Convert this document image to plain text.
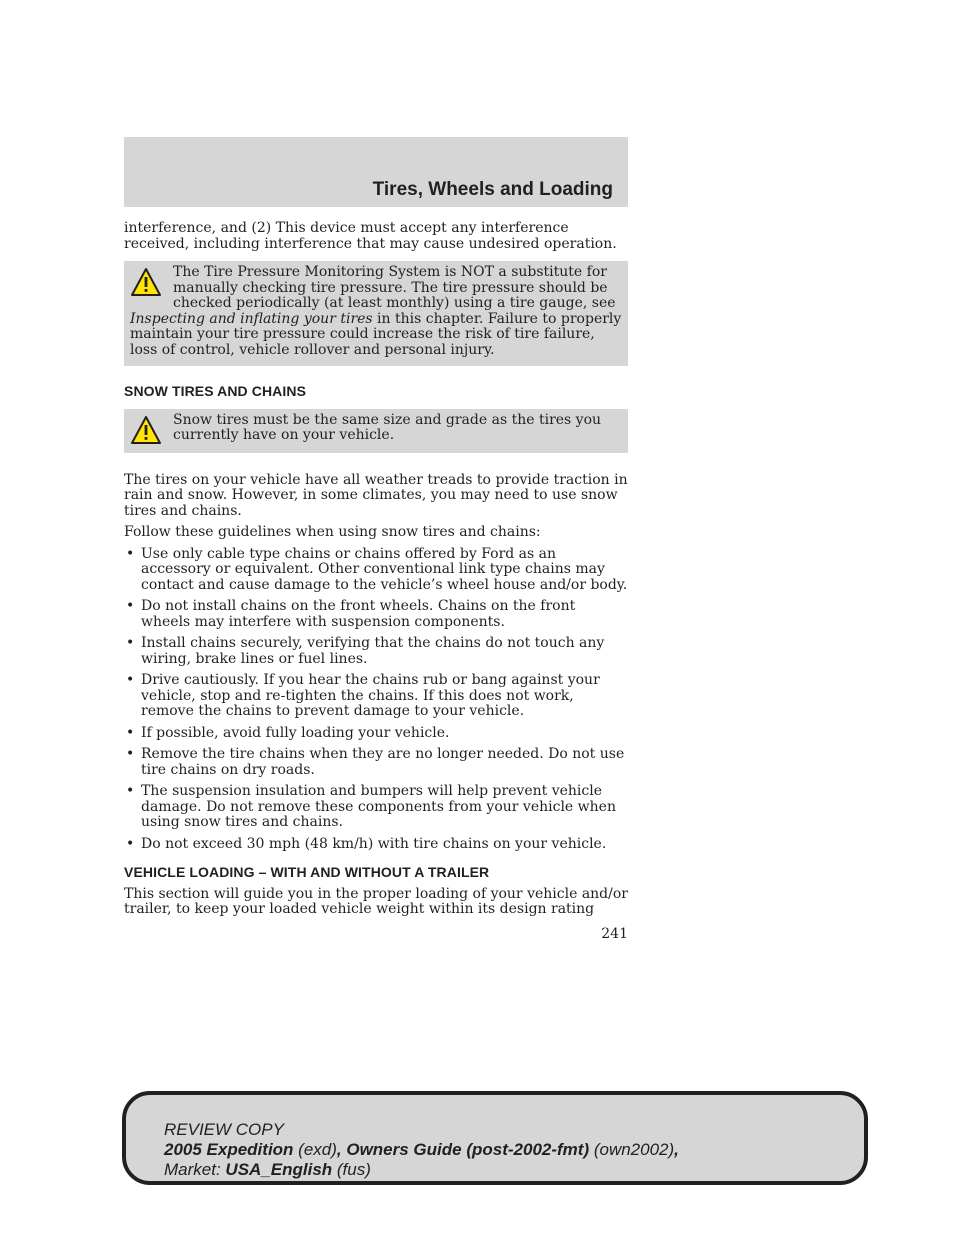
Tires, Wheels and Loading

interference, and (2) This device must accept any interference received, including interference that may cause undesired operation.

The Tire Pressure Monitoring System is NOT a substitute for manually checking tire pressure. The tire pressure should be checked periodically (at least monthly) using a tire gauge, see Inspecting and inflating your tires in this chapter. Failure to properly maintain your tire pressure could increase the risk of tire failure, loss of control, vehicle rollover and personal injury.

SNOW TIRES AND CHAINS

Snow tires must be the same size and grade as the tires you currently have on your vehicle.

The tires on your vehicle have all weather treads to provide traction in rain and snow. However, in some climates, you may need to use snow tires and chains.

Follow these guidelines when using snow tires and chains:

• Use only cable type chains or chains offered by Ford as an accessory or equivalent. Other conventional link type chains may contact and cause damage to the vehicle’s wheel house and/or body.
• Do not install chains on the front wheels. Chains on the front wheels may interfere with suspension components.
• Install chains securely, verifying that the chains do not touch any wiring, brake lines or fuel lines.
• Drive cautiously. If you hear the chains rub or bang against your vehicle, stop and re-tighten the chains. If this does not work, remove the chains to prevent damage to your vehicle.
• If possible, avoid fully loading your vehicle.
• Remove the tire chains when they are no longer needed. Do not use tire chains on dry roads.
• The suspension insulation and bumpers will help prevent vehicle damage. Do not remove these components from your vehicle when using snow tires and chains.
• Do not exceed 30 mph (48 km/h) with tire chains on your vehicle.
VEHICLE LOADING – WITH AND WITHOUT A TRAILER

This section will guide you in the proper loading of your vehicle and/or trailer, to keep your loaded vehicle weight within its design rating

241
REVIEW COPY
2005 Expedition (exd), Owners Guide (post-2002-fmt) (own2002),
Market: USA_English (fus)
